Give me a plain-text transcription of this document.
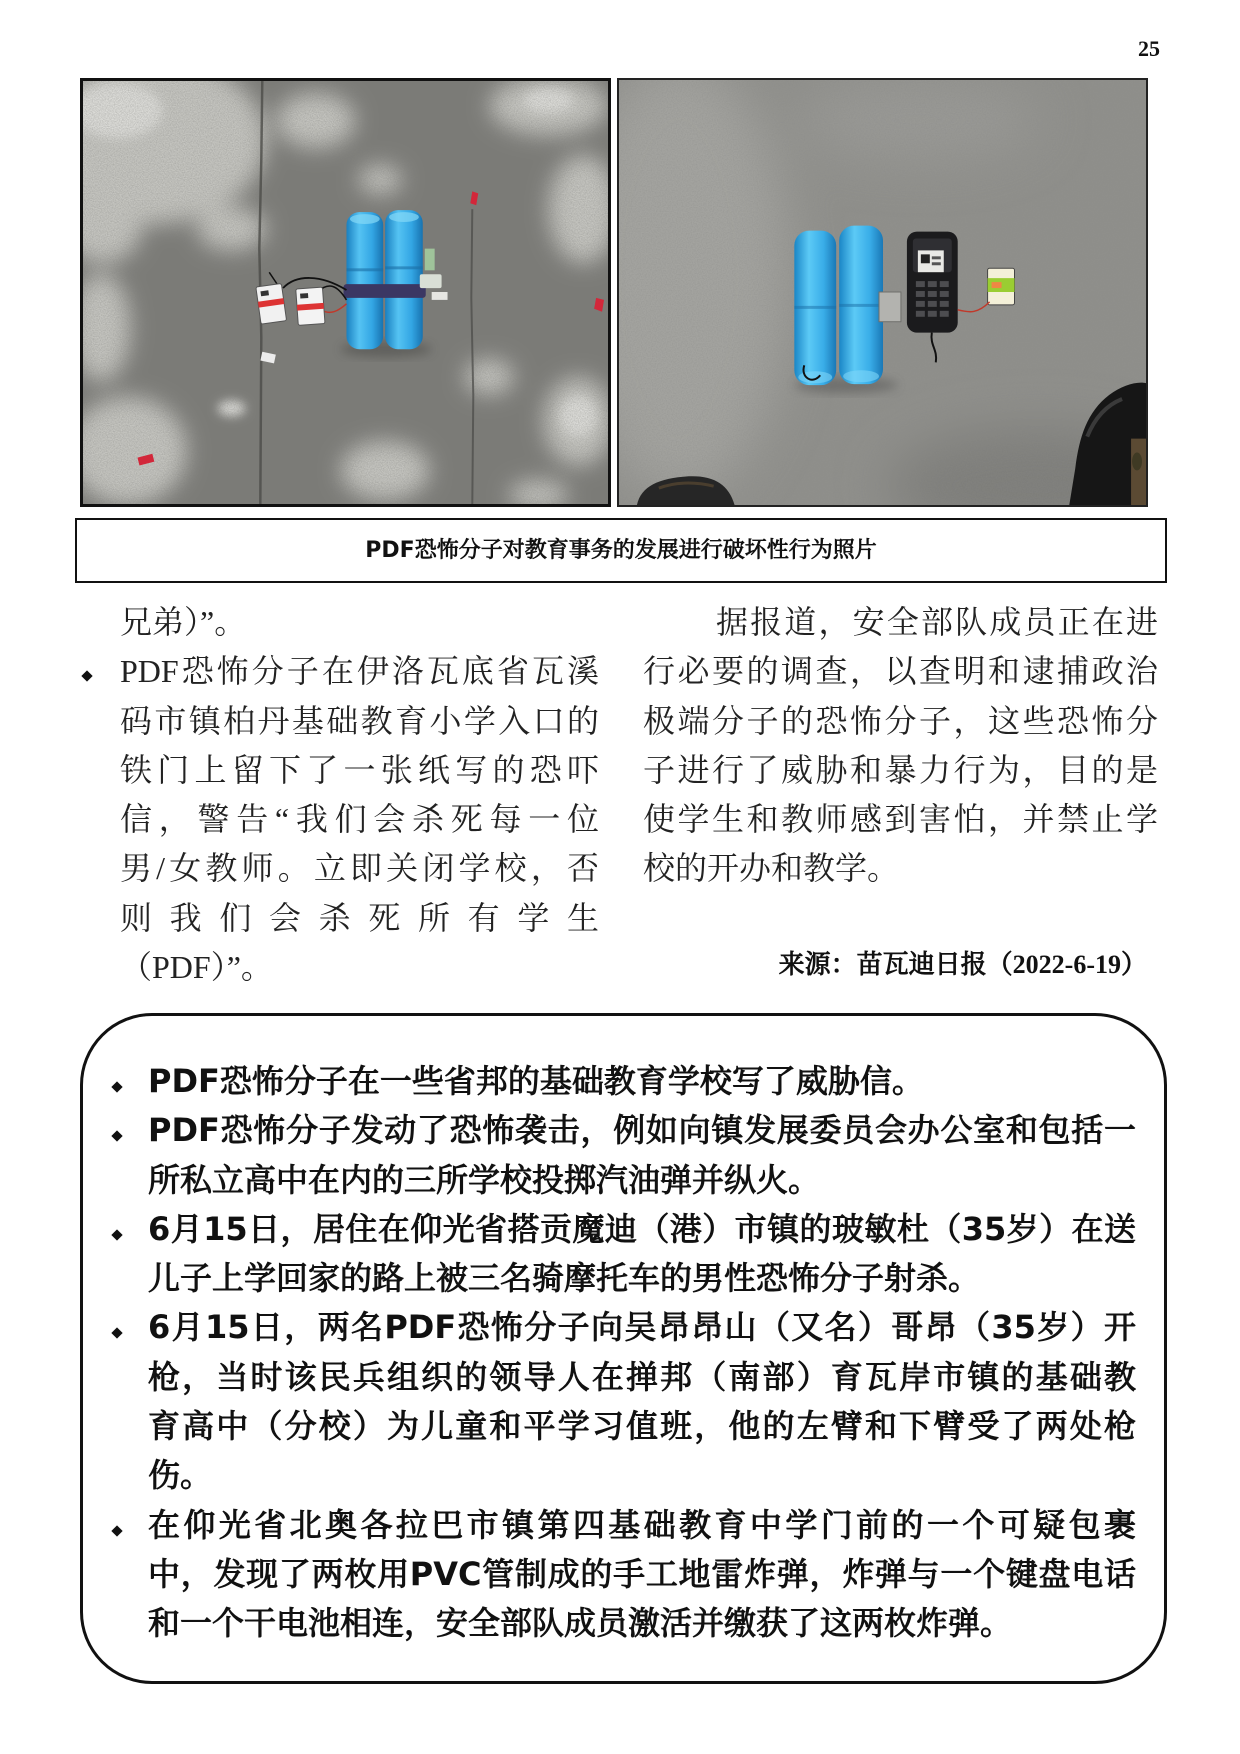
25
PDF恐怖分子对教育事务的发展进行破坏性行为照片
兄弟）”。
PDF恐怖分子在伊洛瓦底省瓦溪
码市镇柏丹基础教育小学入口的
铁门上留下了一张纸写的恐吓
信，警告“我们会杀死每一位
男/女教师。立即关闭学校，否
则我们会杀死所有学生
（PDF）”。
据报道，安全部队成员正在进
行必要的调查，以查明和逮捕政治
极端分子的恐怖分子，这些恐怖分
子进行了威胁和暴力行为，目的是
使学生和教师感到害怕，并禁止学
校的开办和教学。
来源：苗瓦迪日报（2022-6-19）
PDF恐怖分子在一些省邦的基础教育学校写了威胁信。
PDF恐怖分子发动了恐怖袭击，例如向镇发展委员会办公室和包括一
所私立高中在内的三所学校投掷汽油弹并纵火。
6月15日，居住在仰光省搭贡魔迪（港）市镇的玻敏杜（35岁）在送
儿子上学回家的路上被三名骑摩托车的男性恐怖分子射杀。
6月15日，两名PDF恐怖分子向吴昂昂山（又名）哥昂（35岁）开
枪，当时该民兵组织的领导人在掸邦（南部）育瓦岸市镇的基础教
育高中（分校）为儿童和平学习值班，他的左臂和下臂受了两处枪
伤。
在仰光省北奥各拉巴市镇第四基础教育中学门前的一个可疑包裹
中，发现了两枚用PVC管制成的手工地雷炸弹，炸弹与一个键盘电话
和一个干电池相连，安全部队成员激活并缴获了这两枚炸弹。
